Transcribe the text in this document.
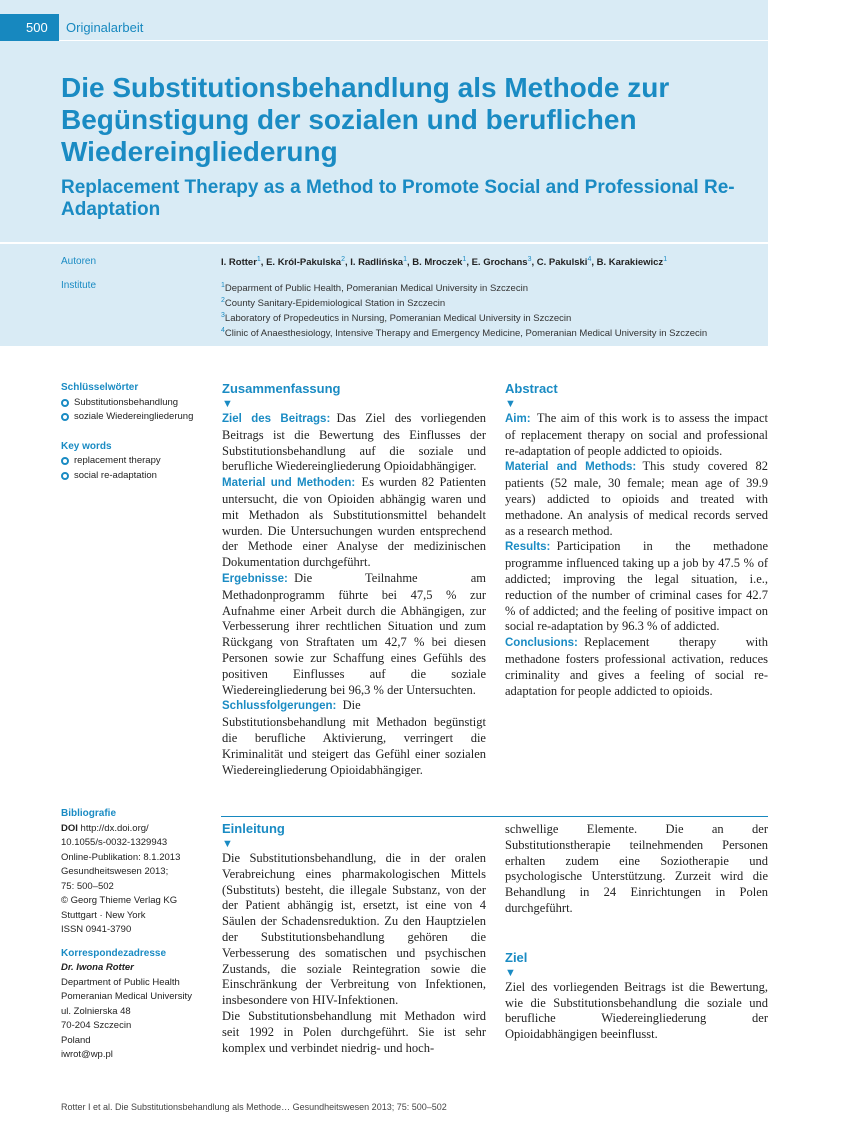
500	Originalarbeit
Die Substitutionsbehandlung als Methode zur Begünstigung der sozialen und beruflichen Wiedereingliederung
Replacement Therapy as a Method to Promote Social and Professional Re-Adaptation
Autoren	I. Rotter$^1$, E. Król-Pakulska$^2$, I. Radlińska$^1$, B. Mroczek$^1$, E. Grochans$^3$, C. Pakulski$^4$, B. Karakiewicz$^1$
Institute	$^1$Deparment of Public Health, Pomeranian Medical University in Szczecin
$^2$County Sanitary-Epidemiological Station in Szczecin
$^3$Laboratory of Propedeutics in Nursing, Pomeranian Medical University in Szczecin
$^4$Clinic of Anaesthesiology, Intensive Therapy and Emergency Medicine, Pomeranian Medical University in Szczecin
Schlüsselwörter
Substitutionsbehandlung
soziale Wiedereingliederung
Key words
replacement therapy
social re-adaptation
Bibliografie
DOI http://dx.doi.org/
10.1055/s-0032-1329943
Online-Publikation: 8.1.2013
Gesundheitswesen 2013;
75: 500–502
© Georg Thieme Verlag KG
Stuttgart · New York
ISSN 0941-3790
Korrespondezadresse
Dr. Iwona Rotter
Department of Public Health
Pomeranian Medical University
ul. Zolnierska 48
70-204 Szczecin
Poland
iwrot@wp.pl
Zusammenfassung
▼

Ziel des Beitrags:  Das Ziel des vorliegenden Beitrags ist die Bewertung des Einflusses der Substitutionsbehandlung auf die soziale und berufliche Wiedereingliederung Opioidabhängiger.

Material und Methoden:  Es wurden 82 Patienten untersucht, die von Opioiden abhängig waren und mit Methadon als Substitutionsmittel behandelt wurden. Die Untersuchungen wurden entsprechend der Methode einer Analyse der medizinischen Dokumentation durchgeführt.

Ergebnisse:  Die Teilnahme am Methadonprogramm führte bei 47,5 % zur Aufnahme einer Arbeit durch die Abhängigen, zur Verbesserung ihrer rechtlichen Situation und zum Rückgang von Straftaten um 42,7 % bei diesen Personen sowie zur Schaffung eines Gefühls des positiven Einflusses auf die soziale Wiedereingliederung bei 96,3 % der Untersuchten.

Schlussfolgerungen:  Die Substitutionsbehandlung mit Methadon begünstigt die berufliche Aktivierung, verringert die Kriminalität und steigert das Gefühl einer sozialen Wiedereingliederung Opioidabhängiger.

Abstract
▼

Aim:  The aim of this work is to assess the impact of replacement therapy on social and professional re-adaptation of people addicted to opioids.

Material and Methods:  This study covered 82 patients (52 male, 30 female; mean age of 39.9 years) addicted to opioids and treated with methadone. An analysis of medical records served as a research method.

Results:  Participation in the methadone programme influenced taking up a job by 47.5 % of addicted; improving the legal situation, i.e., reduction of the number of criminal cases for 42.7 % of addicted; and the feeling of positive impact on social re-adaptation by 96.3 % of addicted.

Conclusions:  Replacement therapy with methadone fosters professional activation, reduces criminality and gives a feeling of social re-adaptation for people addicted to opioids.

Einleitung
▼

Die Substitutionsbehandlung, die in der oralen Verabreichung eines pharmakologischen Mittels (Substituts) besteht, die illegale Substanz, von der der Patient abhängig ist, ersetzt, ist eine von 4 Säulen der Schadensreduktion. Zu den Hauptzielen der Substitutionsbehandlung gehören die Verbesserung des somatischen und psychischen Zustands, die soziale Reintegration sowie die Einschränkung der Verbreitung von Infektionen, insbesondere von HIV-Infektionen.

Die Substitutionsbehandlung mit Methadon wird seit 1992 in Polen durchgeführt. Sie ist sehr komplex und verbindet niedrig- und hoch-

schwellige Elemente. Die an der Substitutionstherapie teilnehmenden Personen erhalten zudem eine Soziotherapie und psychologische Unterstützung. Zurzeit wird die Behandlung in 24 Einrichtungen in Polen durchgeführt.

Ziel
▼

Ziel des vorliegenden Beitrags ist die Bewertung, wie die Substitutionsbehandlung die soziale und berufliche Wiedereingliederung der Opioidabhängigen beeinflusst.

Rotter I et al. Die Substitutionsbehandlung als Methode… Gesundheitswesen 2013; 75: 500–502
